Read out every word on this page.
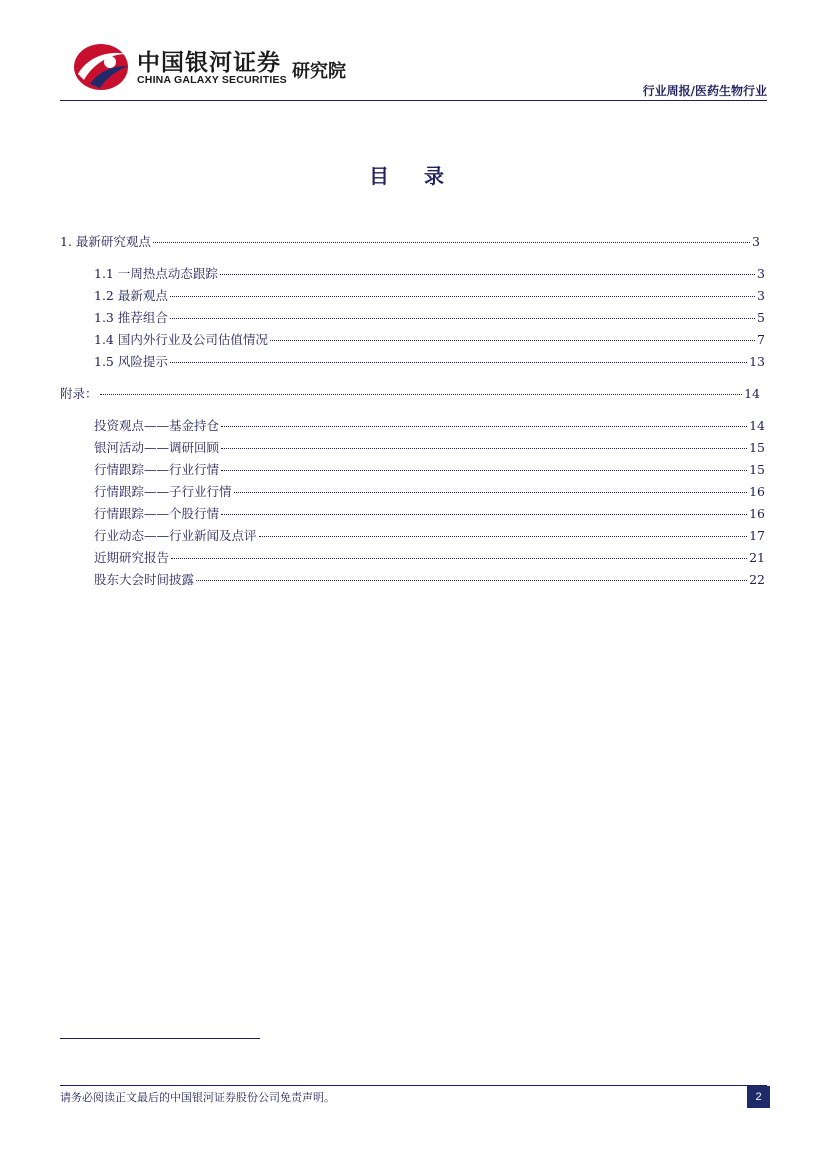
中国银河证券
CHINA GALAXY SECURITIES 研究院
行业周报/医药生物行业
目 录
1. 最新研究观点	3
1.1 一周热点动态跟踪	3
1.2 最新观点	3
1.3 推荐组合	5
1.4 国内外行业及公司估值情况	7
1.5 风险提示	13
附录：	14
投资观点——基金持仓	14
银河活动——调研回顾	15
行情跟踪——行业行情	15
行情跟踪——子行业行情	16
行情跟踪——个股行情	16
行业动态——行业新闻及点评	17
近期研究报告	21
股东大会时间披露	22
请务必阅读正文最后的中国银河证券股份公司免责声明。	2
